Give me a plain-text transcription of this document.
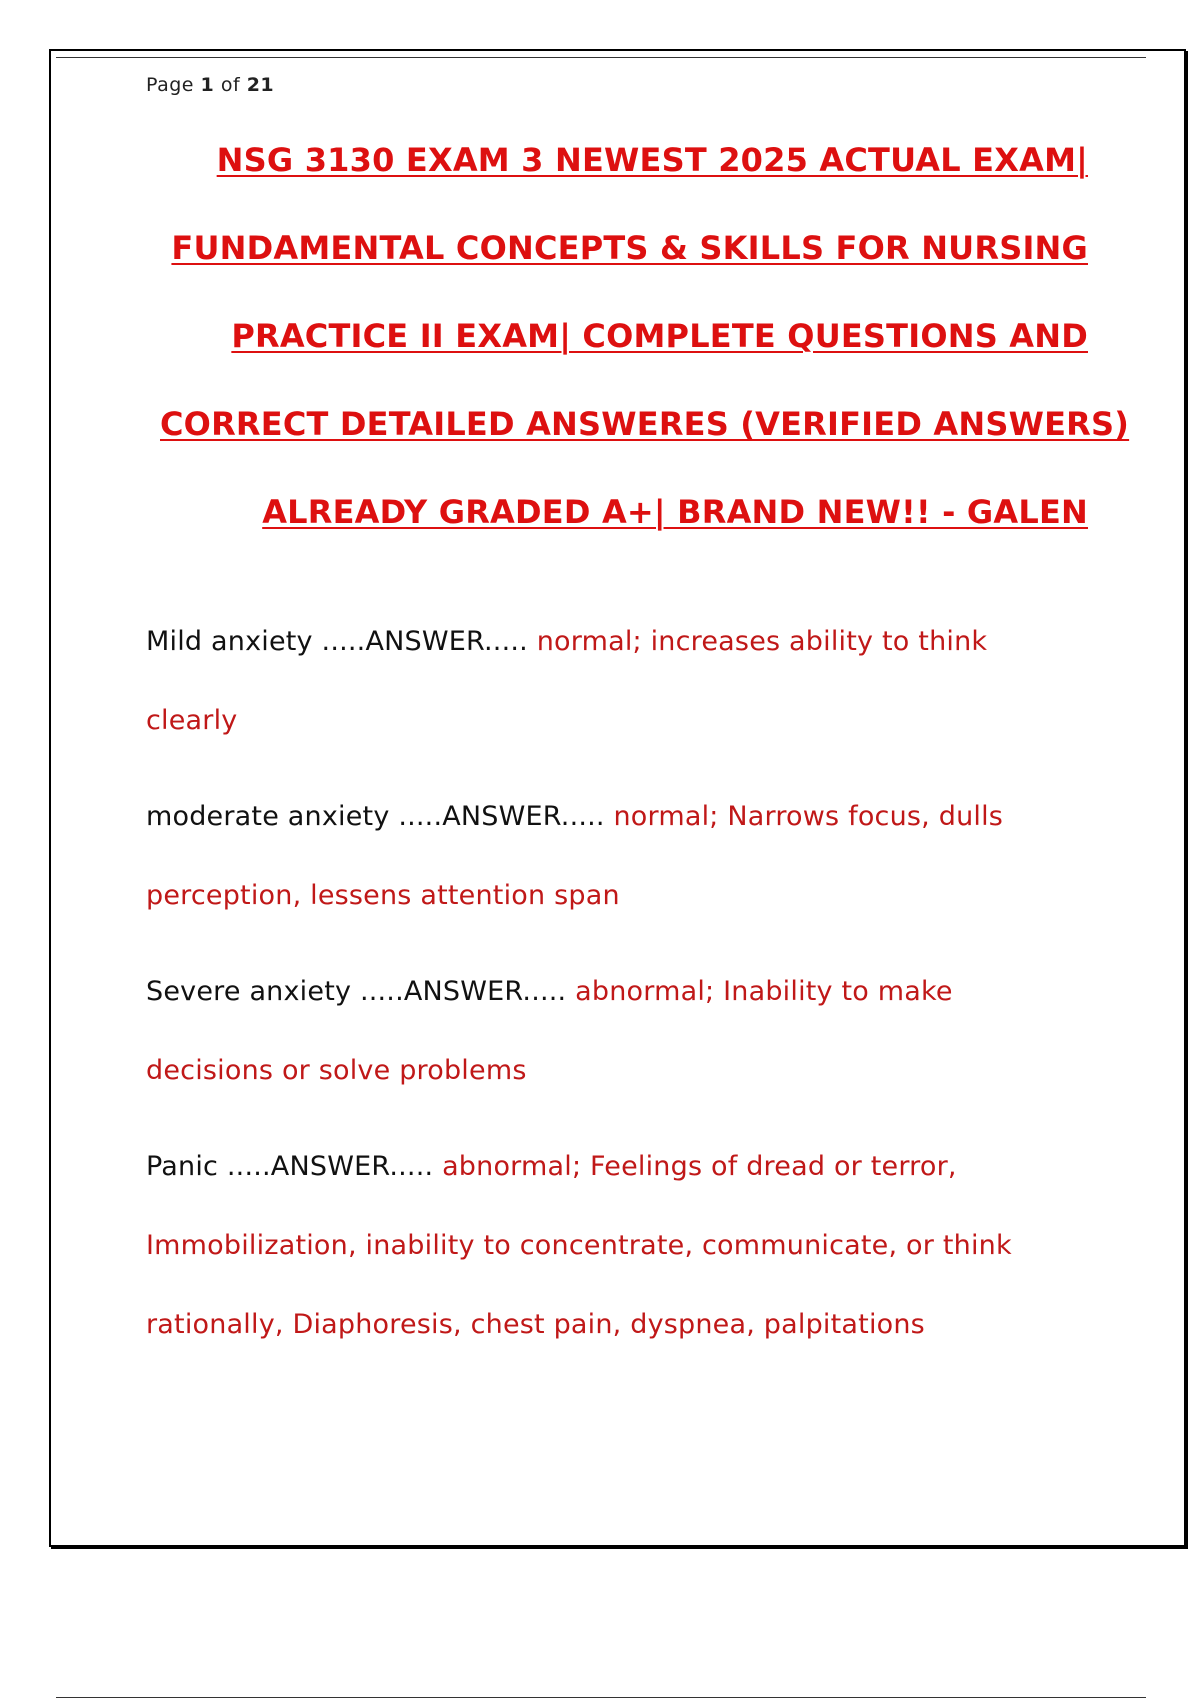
Page 1 of 21
NSG 3130 EXAM 3 NEWEST 2025 ACTUAL EXAM|
FUNDAMENTAL CONCEPTS & SKILLS FOR NURSING
PRACTICE II EXAM| COMPLETE QUESTIONS AND
CORRECT DETAILED ANSWERES (VERIFIED ANSWERS)
ALREADY GRADED A+| BRAND NEW!! - GALEN

Mild anxiety .....ANSWER..... normal; increases ability to think clearly

moderate anxiety .....ANSWER..... normal; Narrows focus, dulls perception, lessens attention span

Severe anxiety .....ANSWER..... abnormal; Inability to make decisions or solve problems

Panic .....ANSWER..... abnormal; Feelings of dread or terror, Immobilization, inability to concentrate, communicate, or think rationally, Diaphoresis, chest pain, dyspnea, palpitations
